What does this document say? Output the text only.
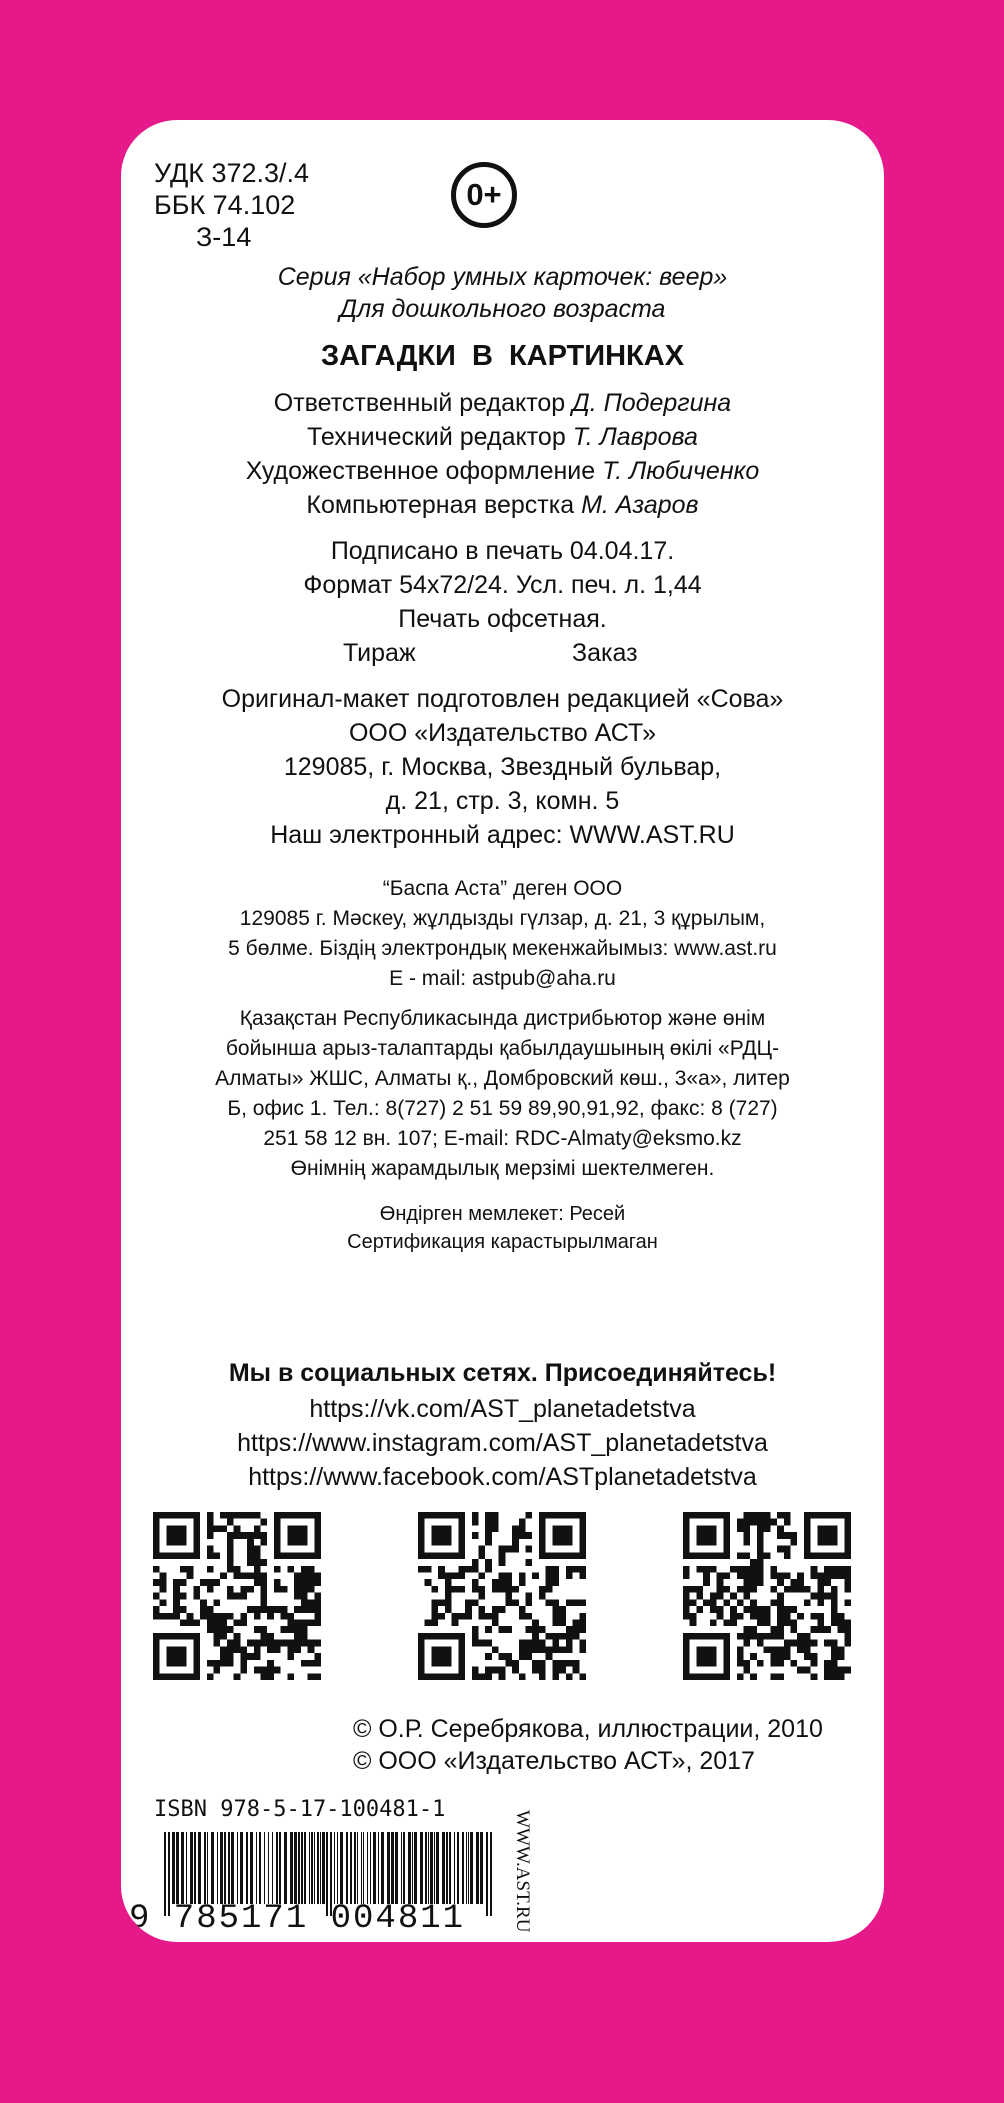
УДК 372.3/.4
ББК 74.102
З-14
0+
Серия «Набор умных карточек: веер»
Для дошкольного возраста
ЗАГАДКИ В КАРТИНКАХ
Ответственный редактор Д. Подергина
Технический редактор Т. Лаврова
Художественное оформление Т. Любиченко
Компьютерная верстка М. Азаров
Подписано в печать 04.04.17.
Формат 54х72/24. Усл. печ. л. 1,44
Печать офсетная.
Тираж	Заказ
Оригинал-макет подготовлен редакцией «Сова»
ООО «Издательство АСТ»
129085, г. Москва, Звездный бульвар,
д. 21, стр. 3, комн. 5
Наш электронный адрес: WWW.AST.RU
“Баспа Аста” деген ООО
129085 г. Мәскеу, жұлдызды гүлзар, д. 21, 3 құрылым,
5 бөлме. Біздің электрондық мекенжайымыз: www.ast.ru
E - mail: astpub@aha.ru
Қазақстан Республикасында дистрибьютор және өнім
бойынша арыз-талаптарды қабылдаушының өкілі «РДЦ-
Алматы» ЖШС, Алматы қ., Домбровский көш., 3«а», литер
Б, офис 1. Тел.: 8(727) 2 51 59 89,90,91,92, факс: 8 (727)
251 58 12 вн. 107; E-mail: RDC-Almaty@eksmo.kz
Өнімнің жарамдылық мерзімі шектелмеген.
Өндірген мемлекет: Ресей
Сертификация карастырылмаган
Мы в социальных сетях. Присоединяйтесь!
https://vk.com/AST_planetadetstva
https://www.instagram.com/AST_planetadetstva
https://www.facebook.com/ASTplanetadetstva
© О.Р. Серебрякова, иллюстрации, 2010
© ООО «Издательство АСТ», 2017
ISBN 978-5-17-100481-1
9 785171 004811 WWW.AST.RU
